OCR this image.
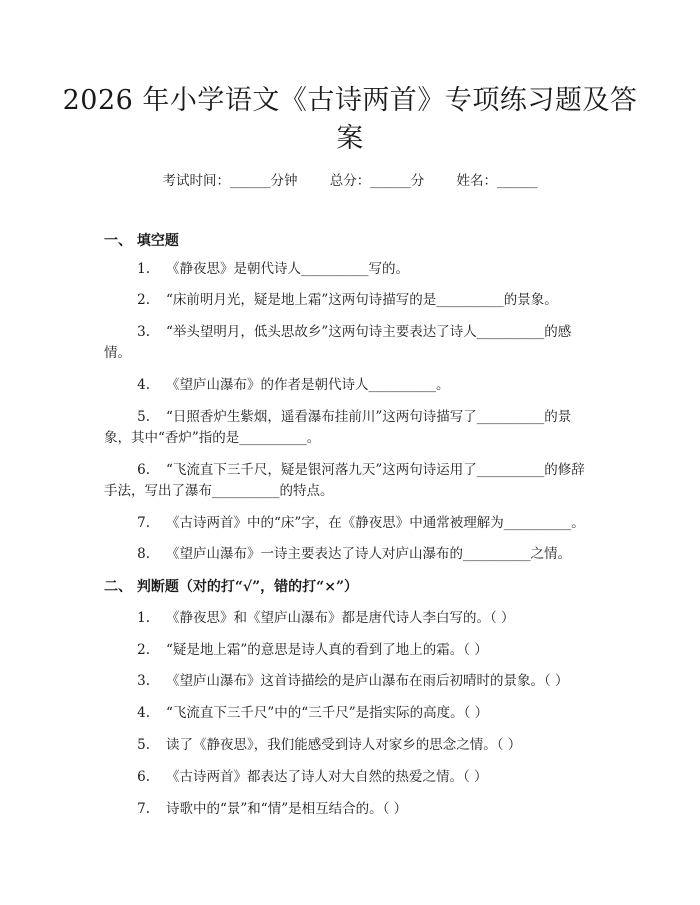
2026 年小学语文《古诗两首》专项练习题及答案
考试时间：______分钟 总分：______分 姓名：______
一、 填空题
1. 《静夜思》是朝代诗人__________写的。
2. “床前明月光，疑是地上霜”这两句诗描写的是__________的景象。
3. “举头望明月，低头思故乡”这两句诗主要表达了诗人__________的感
情。
4. 《望庐山瀑布》的作者是朝代诗人__________。
5. “日照香炉生紫烟，遥看瀑布挂前川”这两句诗描写了__________的景
象，其中“香炉”指的是__________。
6. “飞流直下三千尺，疑是银河落九天”这两句诗运用了__________的修辞
手法，写出了瀑布__________的特点。
7. 《古诗两首》中的“床”字，在《静夜思》中通常被理解为__________。
8. 《望庐山瀑布》一诗主要表达了诗人对庐山瀑布的__________之情。
二、 判断题（对的打“√”，错的打“×”）
1. 《静夜思》和《望庐山瀑布》都是唐代诗人李白写的。（ ）
2. “疑是地上霜”的意思是诗人真的看到了地上的霜。（ ）
3. 《望庐山瀑布》这首诗描绘的是庐山瀑布在雨后初晴时的景象。（ ）
4. “飞流直下三千尺”中的“三千尺”是指实际的高度。（ ）
5. 读了《静夜思》，我们能感受到诗人对家乡的思念之情。（ ）
6. 《古诗两首》都表达了诗人对大自然的热爱之情。（ ）
7. 诗歌中的“景”和“情”是相互结合的。（ ）
